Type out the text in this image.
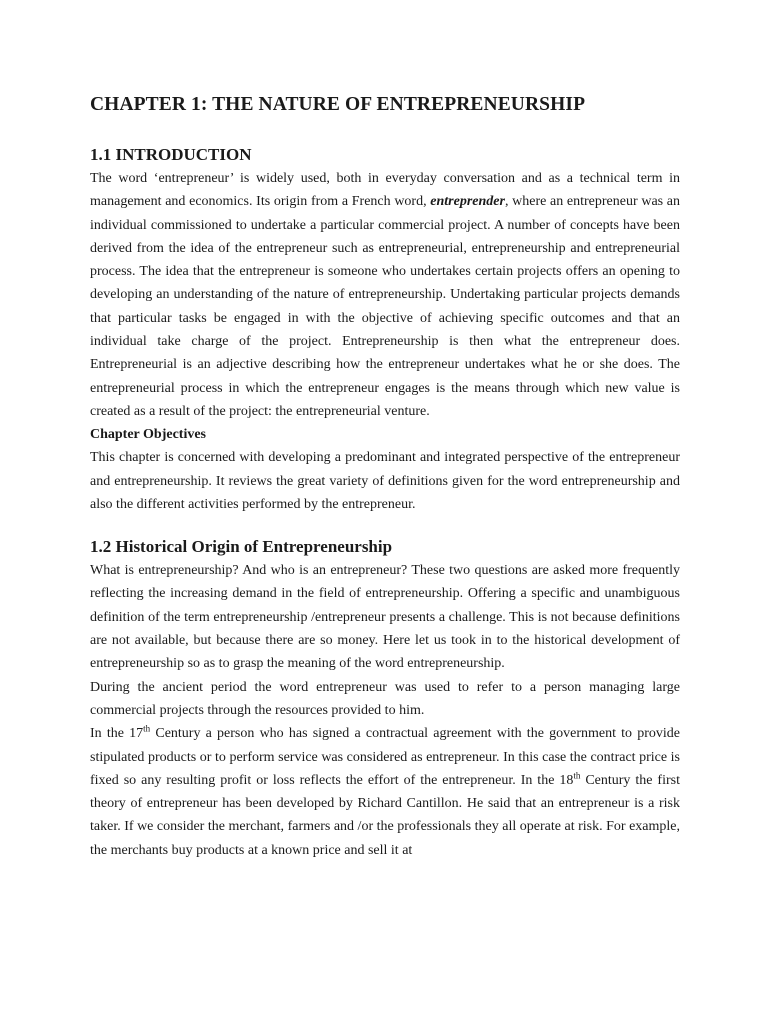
CHAPTER 1: THE NATURE OF ENTREPRENEURSHIP
1.1 INTRODUCTION

The word ‘entrepreneur’ is widely used, both in everyday conversation and as a technical term in management and economics. Its origin from a French word, entreprender, where an entrepreneur was an individual commissioned to undertake a particular commercial project. A number of concepts have been derived from the idea of the entrepreneur such as entrepreneurial, entrepreneurship and entrepreneurial process. The idea that the entrepreneur is someone who undertakes certain projects offers an opening to developing an understanding of the nature of entrepreneurship. Undertaking particular projects demands that particular tasks be engaged in with the objective of achieving specific outcomes and that an individual take charge of the project. Entrepreneurship is then what the entrepreneur does. Entrepreneurial is an adjective describing how the entrepreneur undertakes what he or she does. The entrepreneurial process in which the entrepreneur engages is the means through which new value is created as a result of the project: the entrepreneurial venture.

Chapter Objectives

This chapter is concerned with developing a predominant and integrated perspective of the entrepreneur and entrepreneurship. It reviews the great variety of definitions given for the word entrepreneurship and also the different activities performed by the entrepreneur.

1.2 Historical Origin of Entrepreneurship

What is entrepreneurship? And who is an entrepreneur? These two questions are asked more frequently reflecting the increasing demand in the field of entrepreneurship. Offering a specific and unambiguous definition of the term entrepreneurship /entrepreneur presents a challenge. This is not because definitions are not available, but because there are so money. Here let us took in to the historical development of entrepreneurship so as to grasp the meaning of the word entrepreneurship.

During the ancient period the word entrepreneur was used to refer to a person managing large commercial projects through the resources provided to him.

In the 17th Century a person who has signed a contractual agreement with the government to provide stipulated products or to perform service was considered as entrepreneur. In this case the contract price is fixed so any resulting profit or loss reflects the effort of the entrepreneur. In the 18th Century the first theory of entrepreneur has been developed by Richard Cantillon. He said that an entrepreneur is a risk taker. If we consider the merchant, farmers and /or the professionals they all operate at risk. For example, the merchants buy products at a known price and sell it at
